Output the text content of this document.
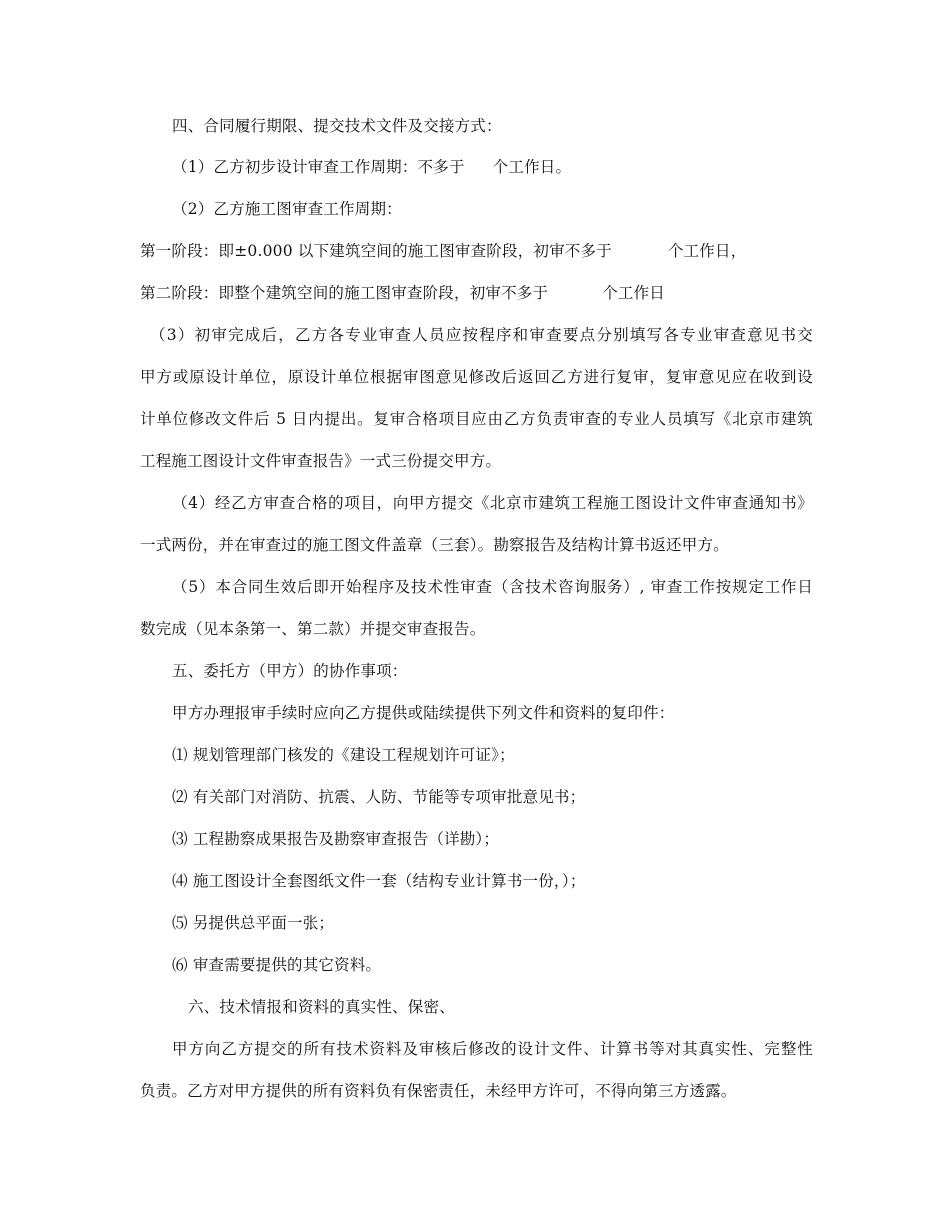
四、合同履行期限、提交技术文件及交接方式：
（1）乙方初步设计审查工作周期：不多于 个工作日。
（2）乙方施工图审查工作周期：
第一阶段：即±0.000 以下建筑空间的施工图审查阶段，初审不多于	个工作日，
第二阶段：即整个建筑空间的施工图审查阶段，初审不多于	个工作日
（3）初审完成后，乙方各专业审查人员应按程序和审查要点分别填写各专业审查意见书交
甲方或原设计单位，原设计单位根据审图意见修改后返回乙方进行复审，复审意见应在收到设
计单位修改文件后 5 日内提出。复审合格项目应由乙方负责审查的专业人员填写《北京市建筑
工程施工图设计文件审查报告》一式三份提交甲方。
（4）经乙方审查合格的项目，向甲方提交《北京市建筑工程施工图设计文件审查通知书》
一式两份，并在审查过的施工图文件盖章（三套）。勘察报告及结构计算书返还甲方。
（5）本合同生效后即开始程序及技术性审查（含技术咨询服务）, 审查工作按规定工作日
数完成（见本条第一、第二款）并提交审查报告。
五、委托方（甲方）的协作事项：
甲方办理报审手续时应向乙方提供或陆续提供下列文件和资料的复印件：
⑴ 规划管理部门核发的《建设工程规划许可证》；
⑵ 有关部门对消防、抗震、人防、节能等专项审批意见书；
⑶ 工程勘察成果报告及勘察审查报告（详勘）；
⑷ 施工图设计全套图纸文件一套（结构专业计算书一份，）；
⑸ 另提供总平面一张；
⑹ 审查需要提供的其它资料。
六、技术情报和资料的真实性、保密、
甲方向乙方提交的所有技术资料及审核后修改的设计文件、计算书等对其真实性、完整性
负责。乙方对甲方提供的所有资料负有保密责任，未经甲方许可，不得向第三方透露。
